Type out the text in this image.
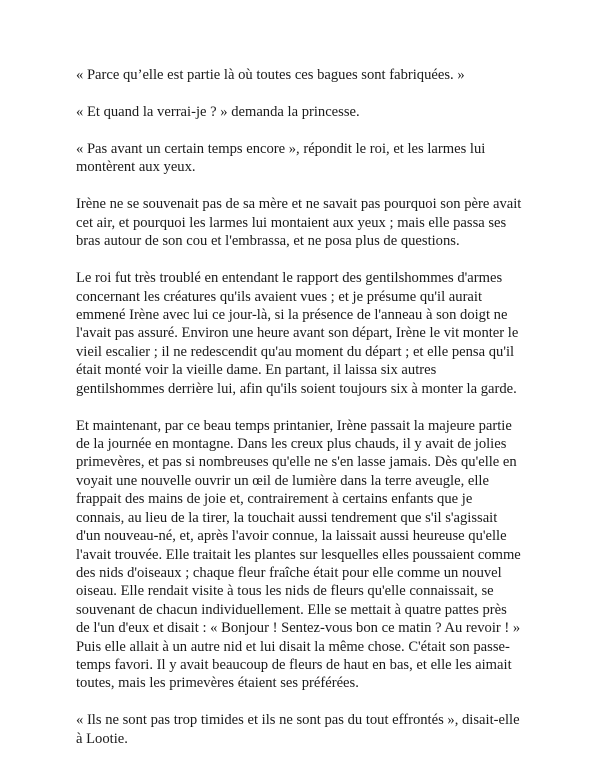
« Parce qu’elle est partie là où toutes ces bagues sont fabriquées. »

« Et quand la verrai-je ? » demanda la princesse.

« Pas avant un certain temps encore », répondit le roi, et les larmes lui
montèrent aux yeux.

Irène ne se souvenait pas de sa mère et ne savait pas pourquoi son père avait
cet air, et pourquoi les larmes lui montaient aux yeux ; mais elle passa ses
bras autour de son cou et l'embrassa, et ne posa plus de questions.

Le roi fut très troublé en entendant le rapport des gentilshommes d'armes
concernant les créatures qu'ils avaient vues ; et je présume qu'il aurait
emmené Irène avec lui ce jour-là, si la présence de l'anneau à son doigt ne
l'avait pas assuré. Environ une heure avant son départ, Irène le vit monter le
vieil escalier ; il ne redescendit qu'au moment du départ ; et elle pensa qu'il
était monté voir la vieille dame. En partant, il laissa six autres
gentilshommes derrière lui, afin qu'ils soient toujours six à monter la garde.

Et maintenant, par ce beau temps printanier, Irène passait la majeure partie
de la journée en montagne. Dans les creux plus chauds, il y avait de jolies
primevères, et pas si nombreuses qu'elle ne s'en lasse jamais. Dès qu'elle en
voyait une nouvelle ouvrir un œil de lumière dans la terre aveugle, elle
frappait des mains de joie et, contrairement à certains enfants que je
connais, au lieu de la tirer, la touchait aussi tendrement que s'il s'agissait
d'un nouveau-né, et, après l'avoir connue, la laissait aussi heureuse qu'elle
l'avait trouvée. Elle traitait les plantes sur lesquelles elles poussaient comme
des nids d'oiseaux ; chaque fleur fraîche était pour elle comme un nouvel
oiseau. Elle rendait visite à tous les nids de fleurs qu'elle connaissait, se
souvenant de chacun individuellement. Elle se mettait à quatre pattes près
de l'un d'eux et disait : « Bonjour ! Sentez-vous bon ce matin ? Au revoir ! »
Puis elle allait à un autre nid et lui disait la même chose. C'était son passe-
temps favori. Il y avait beaucoup de fleurs de haut en bas, et elle les aimait
toutes, mais les primevères étaient ses préférées.

« Ils ne sont pas trop timides et ils ne sont pas du tout effrontés », disait-elle
à Lootie.
